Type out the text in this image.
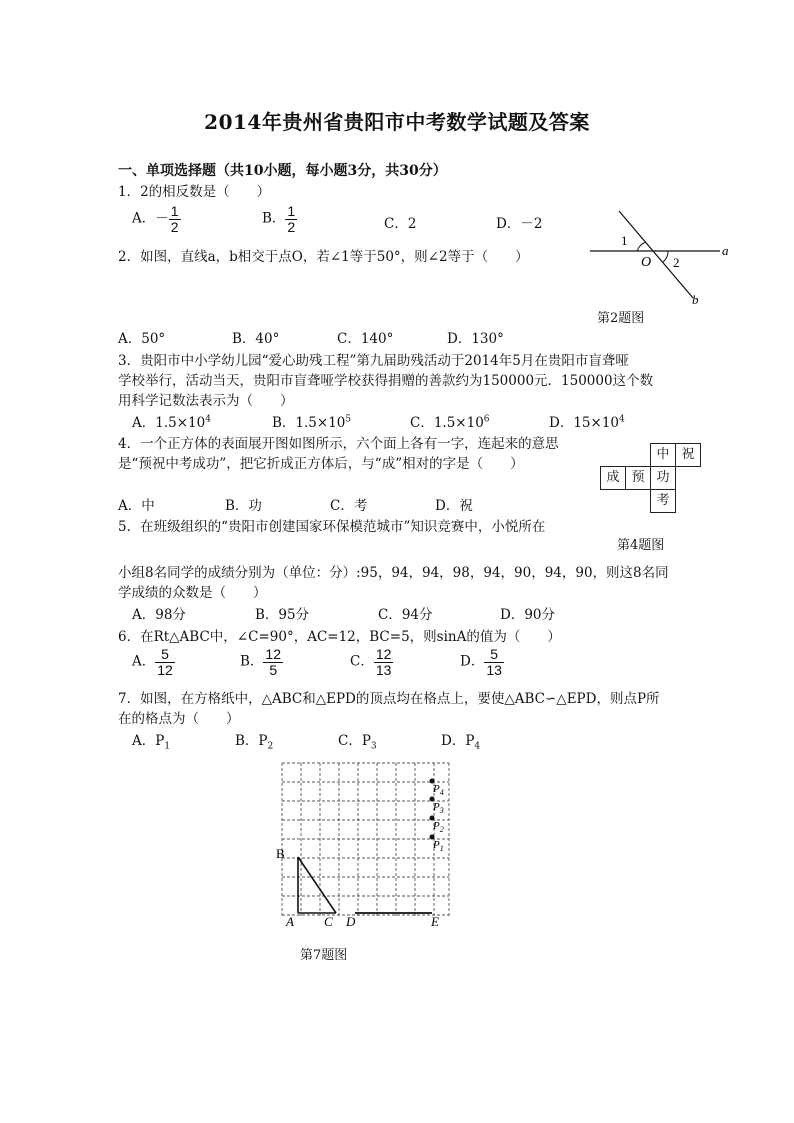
2014年贵州省贵阳市中考数学试题及答案
一、单项选择题（共10小题，每小题3分，共30分）
1．2的相反数是（　　）
A．－ $\frac{1}{2}$	B． $\frac{1}{2}$	C．2	D．－2
2．如图，直线a，b相交于点O，若∠1等于50°，则∠2等于（　　）
1
2
O
a
b
第2题图
A．50°	B．40°	C．140°	D．130°
3．贵阳市中小学幼儿园“爱心助残工程”第九届助残活动于2014年5月在贵阳市盲聋哑
学校举行，活动当天，贵阳市盲聋哑学校获得捐赠的善款约为150000元．150000这个数
用科学记数法表示为（　　）
A．$1.5\times 10^4$	B．$1.5\times 10^5$	C．$1.5\times 10^6$	D．$15\times 10^4$
4．一个正方体的表面展开图如图所示，六个面上各有一字，连起来的意思
是“预祝中考成功”，把它折成正方体后，与“成”相对的字是（　　）
中 祝
成 预 功
考
A．中	B．功	C．考	D．祝
5．在班级组织的“贵阳市创建国家环保模范城市”知识竞赛中，小悦所在
第4题图
小组8名同学的成绩分别为（单位：分）:95，94，94，98，94，90，94，90，则这8名同
学成绩的众数是（　　）
A．98分	B．95分	C．94分	D．90分
6．在Rt△ABC中，∠C=90°，AC=12，BC=5，则sinA的值为（　　）
A． $\frac{5}{12}$	B． $\frac{12}{5}$	C． $\frac{12}{13}$	D． $\frac{5}{13}$
7．如图，在方格纸中，△ABC和△EPD的顶点均在格点上，要使△ABC∽△EPD，则点P所
在的格点为（　　）
A．$P_1$	B．$P_2$	C．$P_3$	D．$P_4$
B
A C D	E
$P_4$
$P_3$
$P_2$
$P_1$
第7题图
